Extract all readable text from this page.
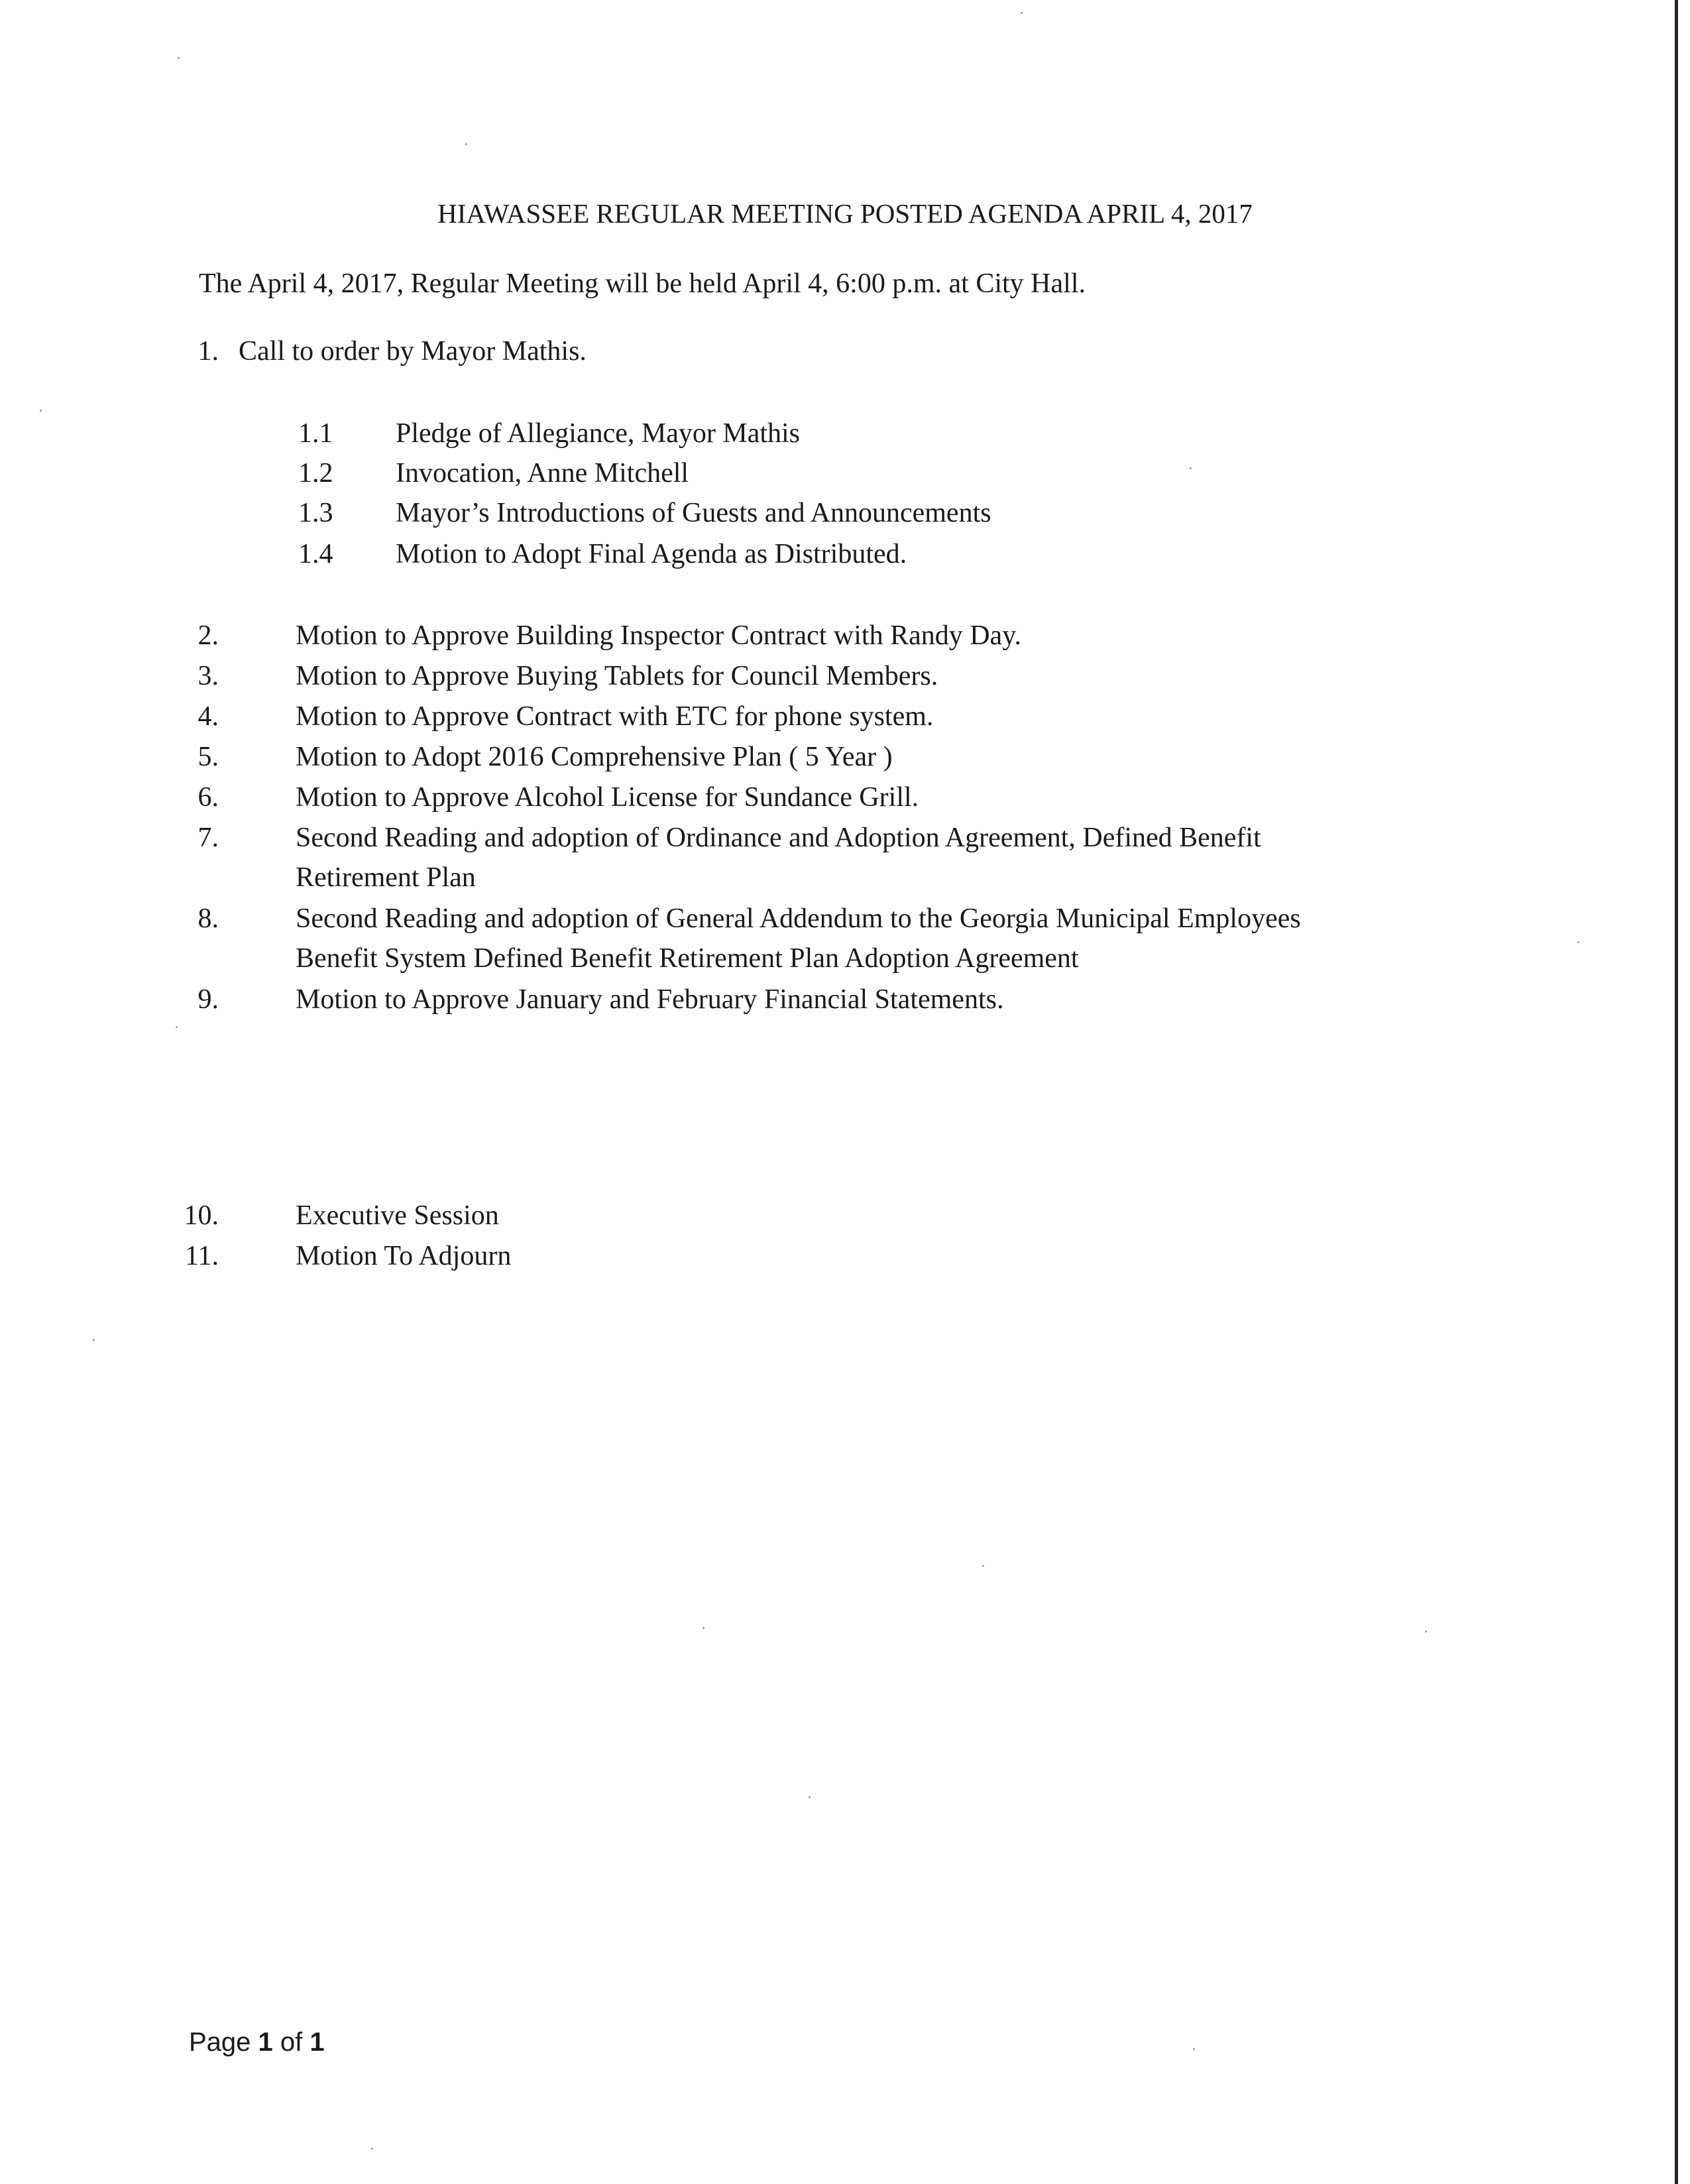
HIAWASSEE REGULAR MEETING POSTED AGENDA APRIL 4, 2017
The April 4, 2017, Regular Meeting will be held April 4, 6:00 p.m. at City Hall.
1. Call to order by Mayor Mathis.
1.1 Pledge of Allegiance, Mayor Mathis
1.2 Invocation, Anne Mitchell
1.3 Mayor’s Introductions of Guests and Announcements
1.4 Motion to Adopt Final Agenda as Distributed.
2.	Motion to Approve Building Inspector Contract with Randy Day.
3.	Motion to Approve Buying Tablets for Council Members.
4.	Motion to Approve Contract with ETC for phone system.
5.	Motion to Adopt 2016 Comprehensive Plan ( 5 Year )
6.	Motion to Approve Alcohol License for Sundance Grill.
7.	Second Reading and adoption of Ordinance and Adoption Agreement, Defined Benefit
Retirement Plan
8.	Second Reading and adoption of General Addendum to the Georgia Municipal Employees
Benefit System Defined Benefit Retirement Plan Adoption Agreement
9.	Motion to Approve January and February Financial Statements.
10.	Executive Session
11.	Motion To Adjourn
Page 1 of 1
